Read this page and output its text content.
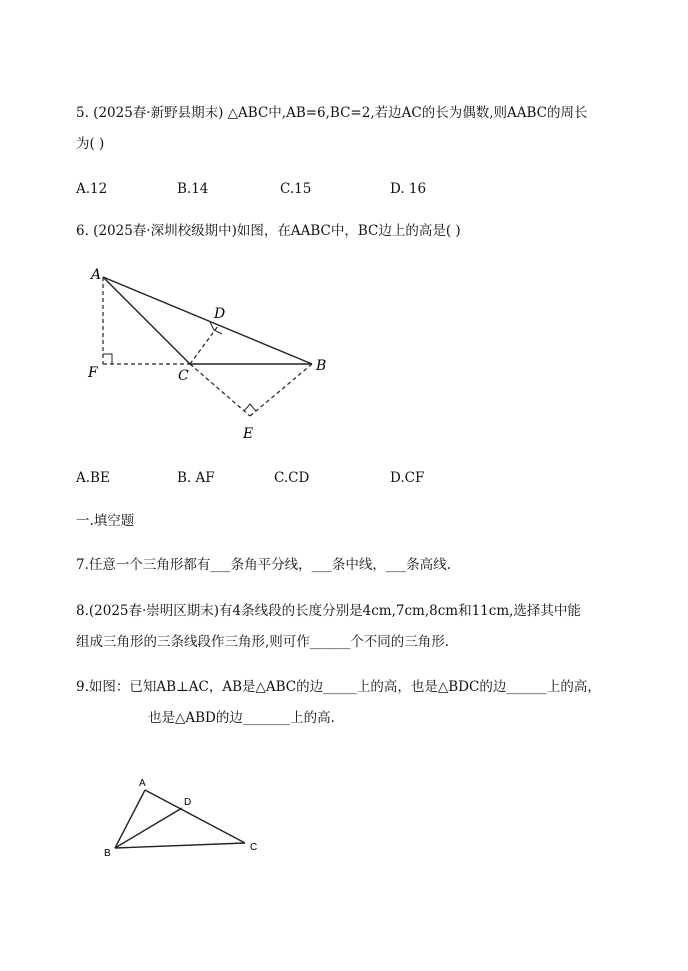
5. (2025春·新野县期末) △ABC中,AB=6,BC=2,若边AC的长为偶数,则AABC的周长
为( )
A.12	B.14	C.15	D. 16
6. (2025春·深圳校级期中)如图，在AABC中，BC边上的高是( )
A
D
F	C
B
E
A.BE	B. AF	C.CD	D.CF
一.填空题
7.任意一个三角形都有___条角平分线，___条中线，___条高线.
8.(2025春·崇明区期末)有4条线段的长度分别是4cm,7cm,8cm和11cm,选择其中能
组成三角形的三条线段作三角形,则可作______个不同的三角形.
9.如图：已知AB⊥AC，AB是△ABC的边_____上的高，也是△BDC的边______上的高，
也是△ABD的边_______上的高.
A
D
B
C
